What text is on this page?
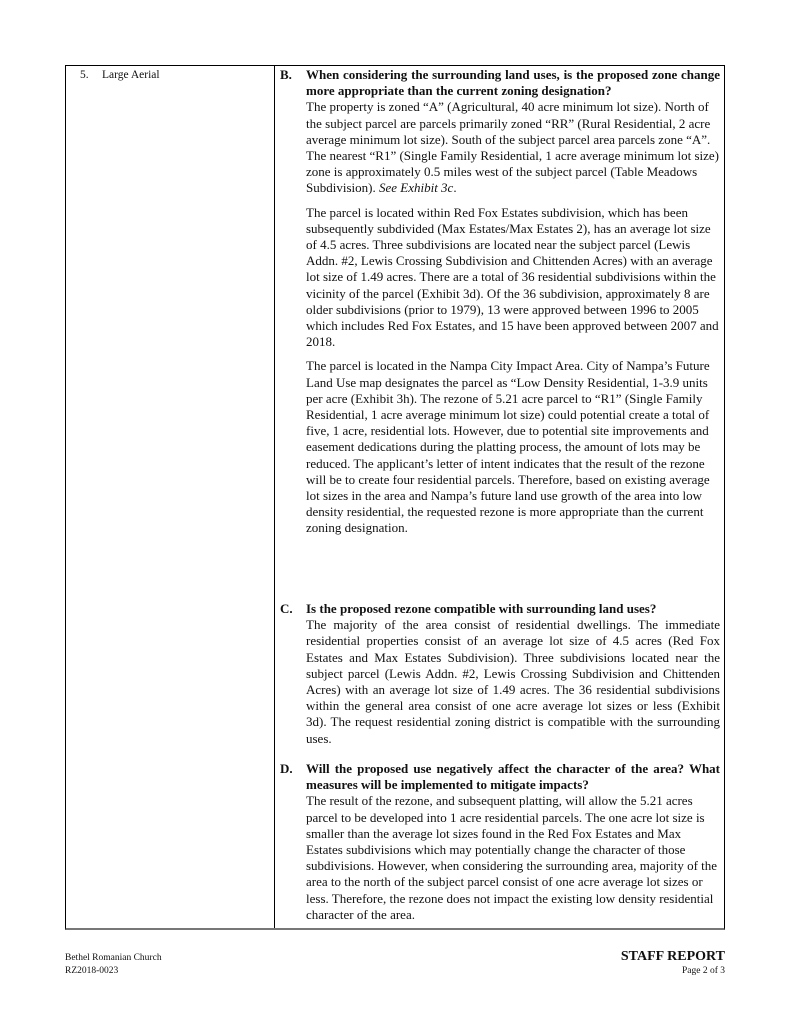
5. Large Aerial	B. When considering the surrounding land uses, is the proposed zone change more appropriate than the current zoning designation?

The property is zoned “A” (Agricultural, 40 acre minimum lot size). North of the subject parcel are parcels primarily zoned “RR” (Rural Residential, 2 acre average minimum lot size). South of the subject parcel area parcels zone “A”. The nearest “R1” (Single Family Residential, 1 acre average minimum lot size) zone is approximately 0.5 miles west of the subject parcel (Table Meadows Subdivision). See Exhibit 3c.

The parcel is located within Red Fox Estates subdivision, which has been subsequently subdivided (Max Estates/Max Estates 2), has an average lot size of 4.5 acres. Three subdivisions are located near the subject parcel (Lewis Addn. #2, Lewis Crossing Subdivision and Chittenden Acres) with an average lot size of 1.49 acres. There are a total of 36 residential subdivisions within the vicinity of the parcel (Exhibit 3d). Of the 36 subdivision, approximately 8 are older subdivisions (prior to 1979), 13 were approved between 1996 to 2005 which includes Red Fox Estates, and 15 have been approved between 2007 and 2018.

The parcel is located in the Nampa City Impact Area. City of Nampa’s Future Land Use map designates the parcel as “Low Density Residential, 1-3.9 units per acre (Exhibit 3h). The rezone of 5.21 acre parcel to “R1” (Single Family Residential, 1 acre average minimum lot size) could potential create a total of five, 1 acre, residential lots. However, due to potential site improvements and easement dedications during the platting process, the amount of lots may be reduced. The applicant’s letter of intent indicates that the result of the rezone will be to create four residential parcels. Therefore, based on existing average lot sizes in the area and Nampa’s future land use growth of the area into low density residential, the requested rezone is more appropriate than the current zoning designation.

C. Is the proposed rezone compatible with surrounding land uses?

The majority of the area consist of residential dwellings. The immediate residential properties consist of an average lot size of 4.5 acres (Red Fox Estates and Max Estates Subdivision). Three subdivisions located near the subject parcel (Lewis Addn. #2, Lewis Crossing Subdivision and Chittenden Acres) with an average lot size of 1.49 acres. The 36 residential subdivisions within the general area consist of one acre average lot sizes or less (Exhibit 3d). The request residential zoning district is compatible with the surrounding uses.

D. Will the proposed use negatively affect the character of the area? What measures will be implemented to mitigate impacts?

The result of the rezone, and subsequent platting, will allow the 5.21 acres parcel to be developed into 1 acre residential parcels. The one acre lot size is smaller than the average lot sizes found in the Red Fox Estates and Max Estates subdivisions which may potentially change the character of those subdivisions. However, when considering the surrounding area, majority of the area to the north of the subject parcel consist of one acre average lot sizes or less. Therefore, the rezone does not impact the existing low density residential character of the area.

Bethel Romanian Church
RZ2018-0023
STAFF REPORT
Page 2 of 3
